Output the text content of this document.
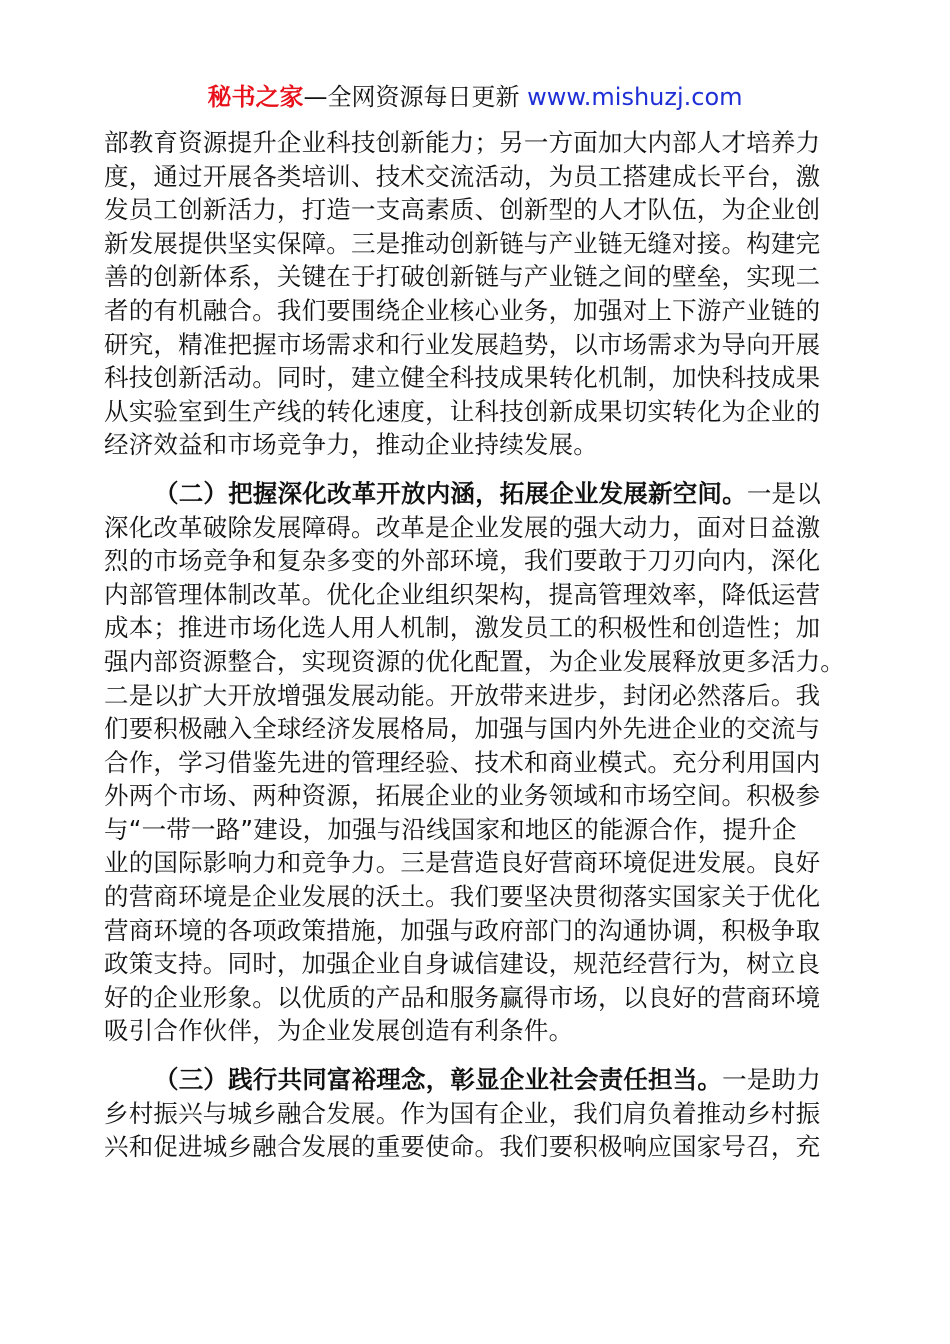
秘书之家—全网资源每日更新 www.mishuzj.com
部教育资源提升企业科技创新能力；另一方面加大内部人才培养力
度，通过开展各类培训、技术交流活动，为员工搭建成长平台，激
发员工创新活力，打造一支高素质、创新型的人才队伍，为企业创
新发展提供坚实保障。三是推动创新链与产业链无缝对接。构建完
善的创新体系，关键在于打破创新链与产业链之间的壁垒，实现二
者的有机融合。我们要围绕企业核心业务，加强对上下游产业链的
研究，精准把握市场需求和行业发展趋势，以市场需求为导向开展
科技创新活动。同时，建立健全科技成果转化机制，加快科技成果
从实验室到生产线的转化速度，让科技创新成果切实转化为企业的
经济效益和市场竞争力，推动企业持续发展。
（二）把握深化改革开放内涵，拓展企业发展新空间。一是以
深化改革破除发展障碍。改革是企业发展的强大动力，面对日益激
烈的市场竞争和复杂多变的外部环境，我们要敢于刀刃向内，深化
内部管理体制改革。优化企业组织架构，提高管理效率，降低运营
成本；推进市场化选人用人机制，激发员工的积极性和创造性；加
强内部资源整合，实现资源的优化配置，为企业发展释放更多活力。
二是以扩大开放增强发展动能。开放带来进步，封闭必然落后。我
们要积极融入全球经济发展格局，加强与国内外先进企业的交流与
合作，学习借鉴先进的管理经验、技术和商业模式。充分利用国内
外两个市场、两种资源，拓展企业的业务领域和市场空间。积极参
与“一带一路”建设，加强与沿线国家和地区的能源合作，提升企
业的国际影响力和竞争力。三是营造良好营商环境促进发展。良好
的营商环境是企业发展的沃土。我们要坚决贯彻落实国家关于优化
营商环境的各项政策措施，加强与政府部门的沟通协调，积极争取
政策支持。同时，加强企业自身诚信建设，规范经营行为，树立良
好的企业形象。以优质的产品和服务赢得市场，以良好的营商环境
吸引合作伙伴，为企业发展创造有利条件。
（三）践行共同富裕理念，彰显企业社会责任担当。一是助力
乡村振兴与城乡融合发展。作为国有企业，我们肩负着推动乡村振
兴和促进城乡融合发展的重要使命。我们要积极响应国家号召，充
